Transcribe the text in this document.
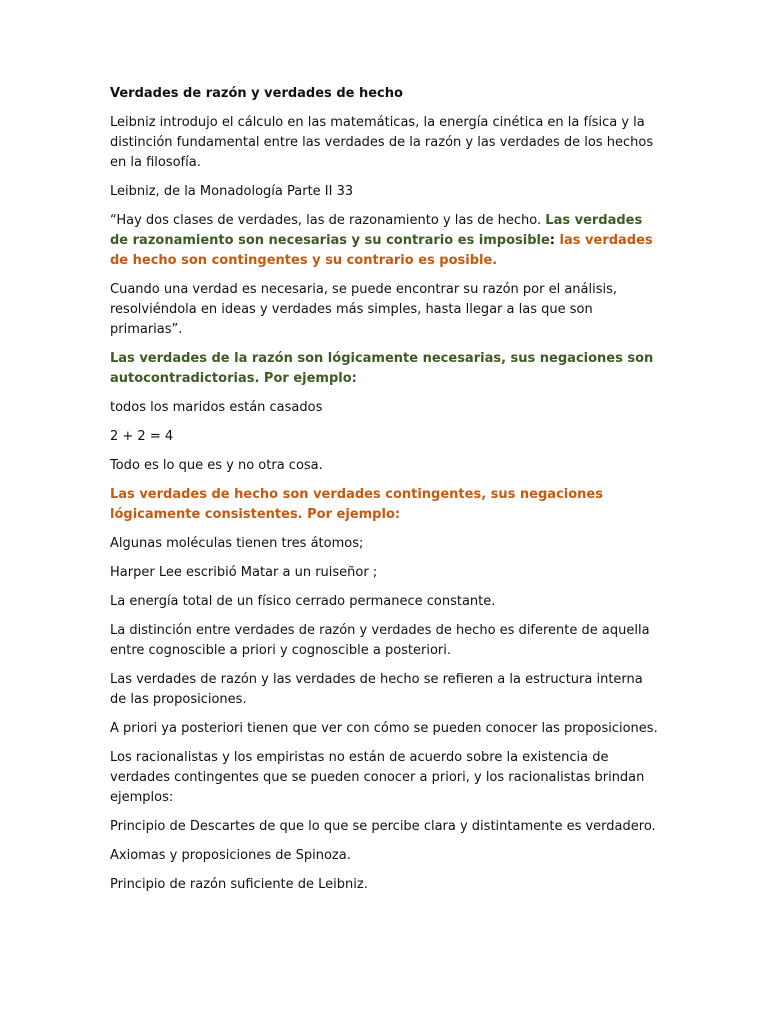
Verdades de razón y verdades de hecho

Leibniz introdujo el cálculo en las matemáticas, la energía cinética en la física y la distinción fundamental entre las verdades de la razón y las verdades de los hechos en la filosofía.

Leibniz, de la Monadología Parte II 33

“Hay dos clases de verdades, las de razonamiento y las de hecho. Las verdades de razonamiento son necesarias y su contrario es imposible: las verdades de hecho son contingentes y su contrario es posible.

Cuando una verdad es necesaria, se puede encontrar su razón por el análisis, resolviéndola en ideas y verdades más simples, hasta llegar a las que son primarias”.

Las verdades de la razón son lógicamente necesarias, sus negaciones son autocontradictorias. Por ejemplo:

todos los maridos están casados

2 + 2 = 4

Todo es lo que es y no otra cosa.

Las verdades de hecho son verdades contingentes, sus negaciones lógicamente consistentes. Por ejemplo:

Algunas moléculas tienen tres átomos;

Harper Lee escribió Matar a un ruiseñor ;

La energía total de un físico cerrado permanece constante.

La distinción entre verdades de razón y verdades de hecho es diferente de aquella entre cognoscible a priori y cognoscible a posteriori.

Las verdades de razón y las verdades de hecho se refieren a la estructura interna de las proposiciones.

A priori ya posteriori tienen que ver con cómo se pueden conocer las proposiciones.

Los racionalistas y los empiristas no están de acuerdo sobre la existencia de verdades contingentes que se pueden conocer a priori, y los racionalistas brindan ejemplos:

Principio de Descartes de que lo que se percibe clara y distintamente es verdadero.

Axiomas y proposiciones de Spinoza.

Principio de razón suficiente de Leibniz.
